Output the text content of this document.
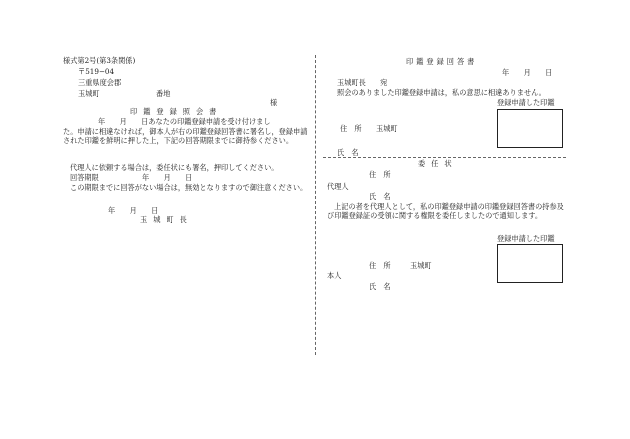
様式第2号(第3条関係)
〒519−04
三重県度会郡
玉城町	番地
様
印鑑登録照会書
年　　月　　日あなたの印鑑登録申請を受け付けまし
た。申請に相違なければ，御本人が右の印鑑登録回答書に署名し，登録申請された印鑑を鮮明に押した上，下記の回答期限までに御持参ください。
代理人に依頼する場合は，委任状にも署名，押印してください。
回答期限	年　　月　　日
この期限までに回答がない場合は，無効となりますので御注意ください。
年　　月　　日
玉城町長
印鑑登録回答書
年　　月　　日
玉城町長　　宛
照会のありました印鑑登録申請は，私の意思に相違ありません。
登録申請した印鑑
住　所 玉城町
氏　名
委任状
住　所
代理人
氏　名
上記の者を代理人として，私の印鑑登録申請の印鑑登録回答書の持参及び印鑑登録証の受領に関する権限を委任しましたので通知します。
登録申請した印鑑
住　所	玉城町
本人
氏　名
